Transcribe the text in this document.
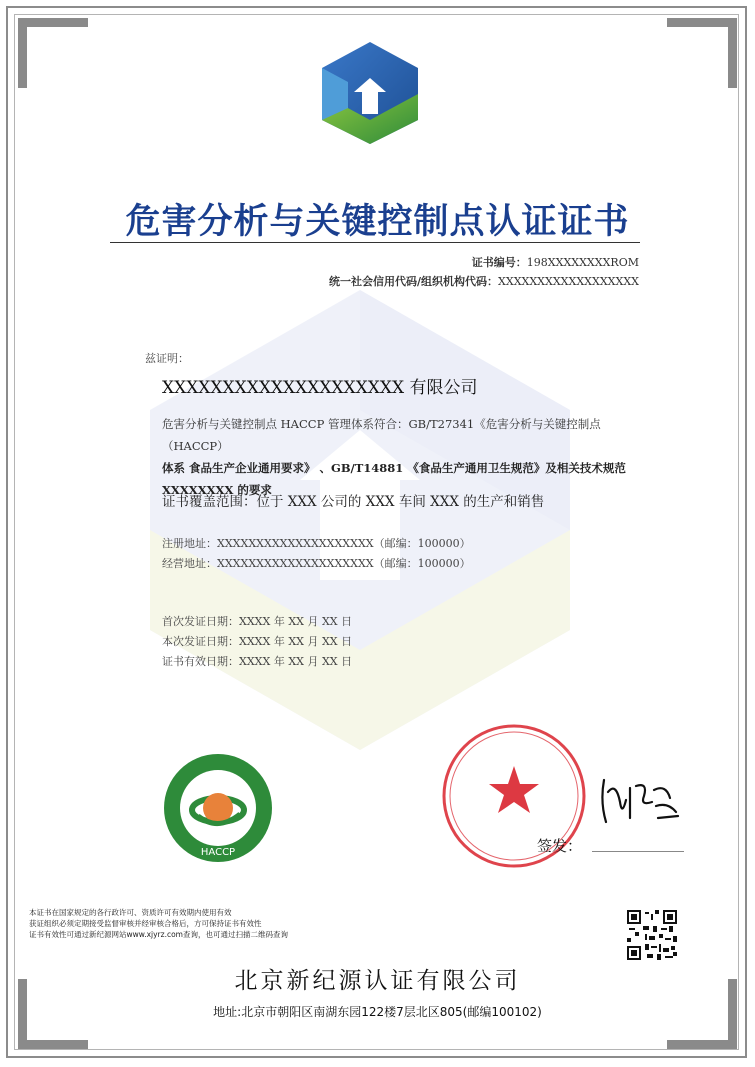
危害分析与关键控制点认证证书
证书编号：198XXXXXXXXROM
统一社会信用代码/组织机构代码：XXXXXXXXXXXXXXXXXX
兹证明：
XXXXXXXXXXXXXXXXXXXX 有限公司
危害分析与关键控制点 HACCP 管理体系符合：GB/T27341《危害分析与关键控制点（HACCP）
体系 食品生产企业通用要求》 、GB/T14881 《食品生产通用卫生规范》及相关技术规范
XXXXXXXX 的要求
证书覆盖范围：位于 XXX 公司的 XXX 车间 XXX 的生产和销售
注册地址：XXXXXXXXXXXXXXXXXXXX（邮编：100000）
经营地址：XXXXXXXXXXXXXXXXXXXX（邮编：100000）
首次发证日期：XXXX 年 XX 月 XX 日
本次发证日期：XXXX 年 XX 月 XX 日
证书有效日期：XXXX 年 XX 月 XX 日
HACCP	签发：
本证书在国家规定的各行政许可、资质许可有效期内使用有效
获证组织必须定期接受监督审核并经审核合格后，方可保持证书有效性
证书有效性可通过新纪源网站www.xjyrz.com查询，也可通过扫描二维码查询
北京新纪源认证有限公司
地址:北京市朝阳区南湖东园122楼7层北区805(邮编100102)
